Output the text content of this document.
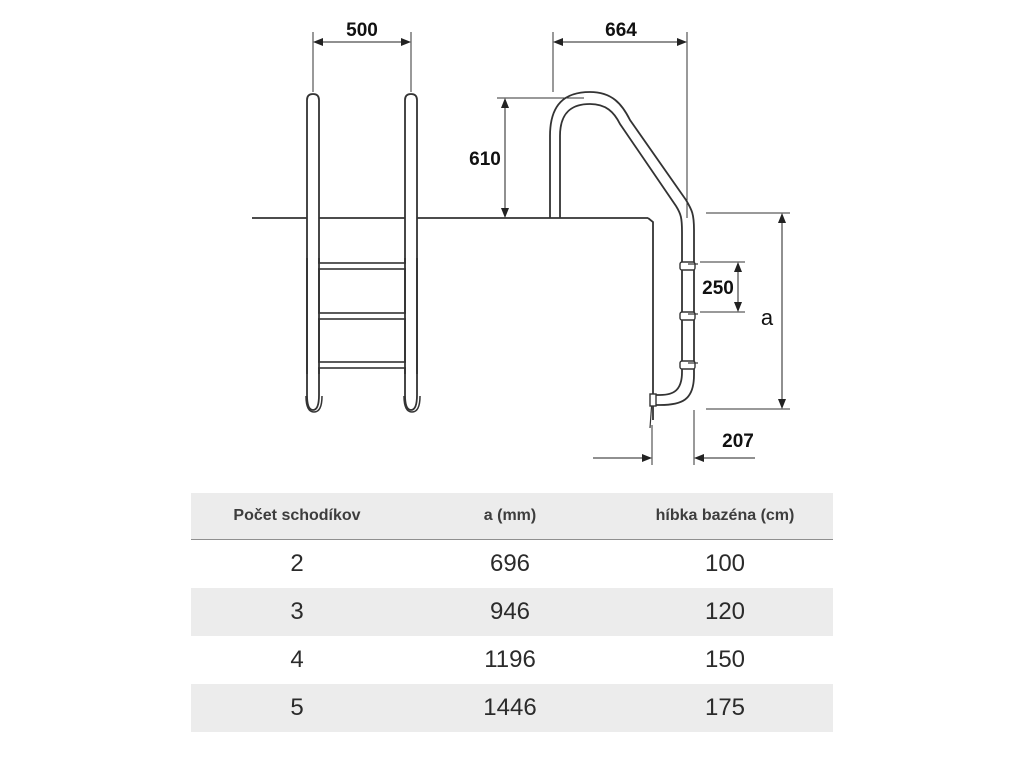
500	664
610
250
a
207
Počet schodíkov	a (mm)	híbka bazéna (cm)
2	696	100
3	946	120
4	1196	150
5	1446	175
